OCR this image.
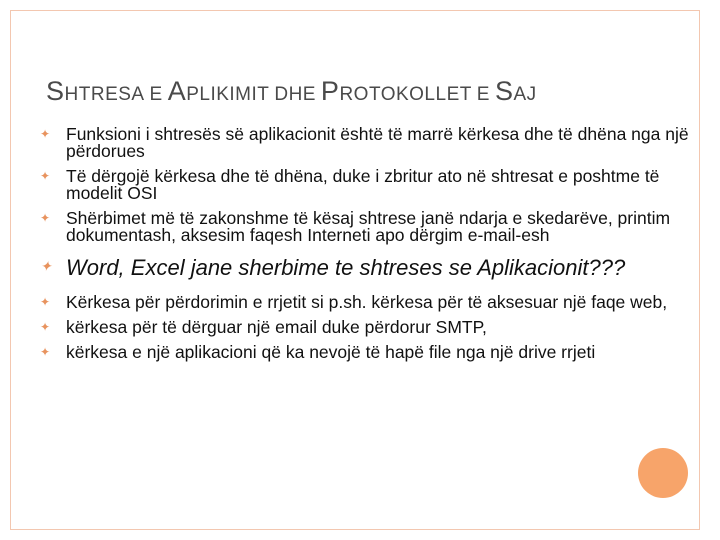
SHTRESA E APLIKIMIT DHE PROTOKOLLET E SAJ
✦ Funksioni i shtresës së aplikacionit është të marrë kërkesa dhe të dhëna nga një përdorues
✦ Të dërgojë kërkesa dhe të dhëna, duke i zbritur ato në shtresat e poshtme të modelit OSI
✦ Shërbimet më të zakonshme të kësaj shtrese janë ndarja e skedarëve, printim dokumentash, aksesim faqesh Interneti apo dërgim e-mail-esh
✦ Word, Excel jane sherbime te shtreses se Aplikacionit???
✦ Kërkesa për përdorimin e rrjetit si p.sh. kërkesa për të aksesuar një faqe web,
✦ kërkesa për të dërguar një email duke përdorur SMTP,
✦ kërkesa e një aplikacioni që ka nevojë të hapë file nga një drive rrjeti
